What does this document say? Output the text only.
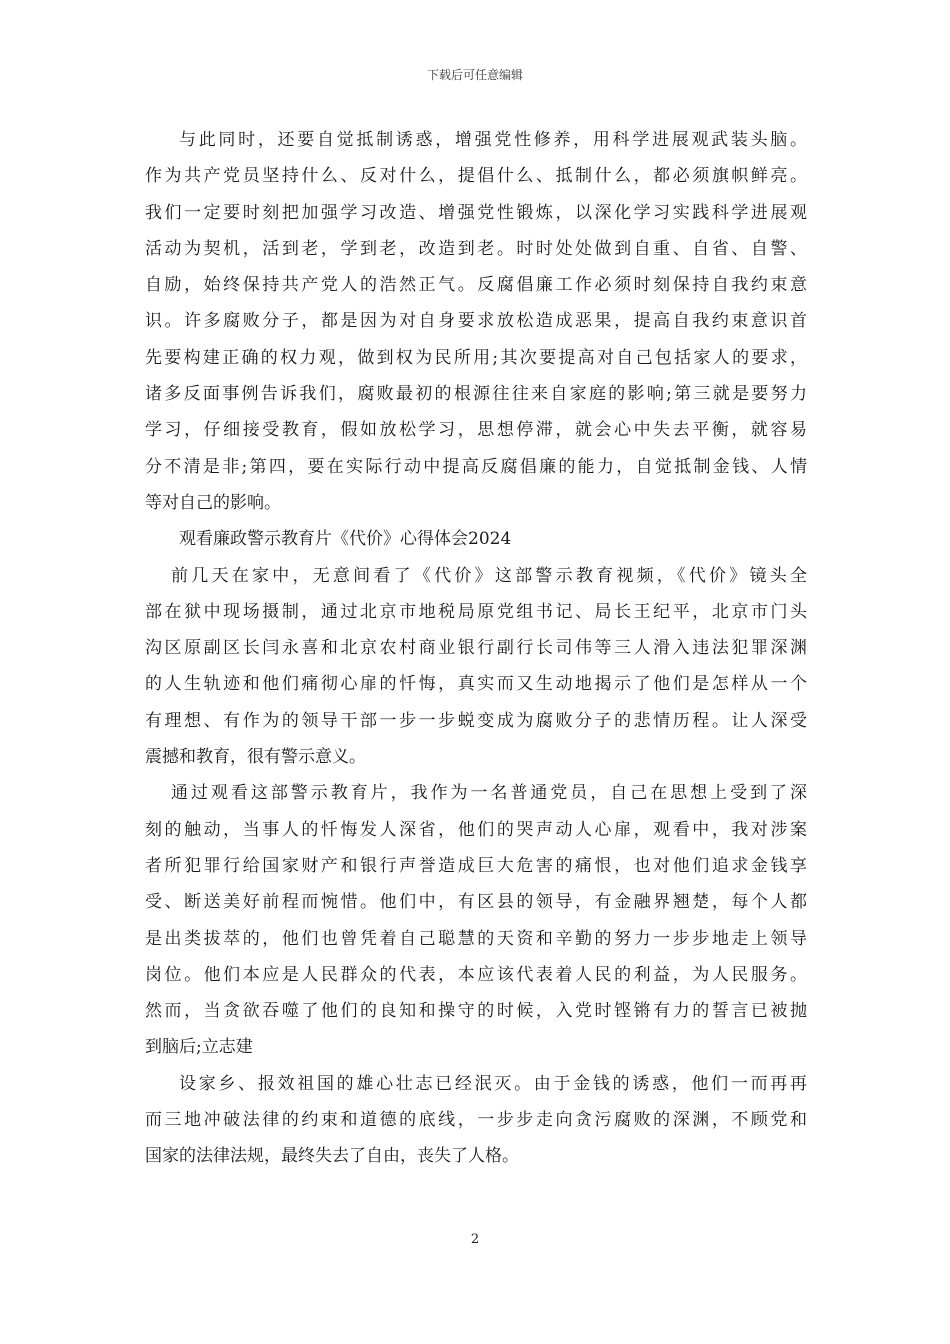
下载后可任意编辑
与此同时，还要自觉抵制诱惑，增强党性修养，用科学进展观武装头脑。
作为共产党员坚持什么、反对什么，提倡什么、抵制什么，都必须旗帜鲜亮。
我们一定要时刻把加强学习改造、增强党性锻炼，以深化学习实践科学进展观
活动为契机，活到老，学到老，改造到老。时时处处做到自重、自省、自警、
自励，始终保持共产党人的浩然正气。反腐倡廉工作必须时刻保持自我约束意
识。许多腐败分子，都是因为对自身要求放松造成恶果，提高自我约束意识首
先要构建正确的权力观，做到权为民所用;其次要提高对自己包括家人的要求，
诸多反面事例告诉我们，腐败最初的根源往往来自家庭的影响;第三就是要努力
学习，仔细接受教育，假如放松学习，思想停滞，就会心中失去平衡，就容易
分不清是非;第四，要在实际行动中提高反腐倡廉的能力，自觉抵制金钱、人情
等对自己的影响。
观看廉政警示教育片《代价》心得体会2024
前几天在家中，无意间看了《代价》这部警示教育视频，《代价》镜头全
部在狱中现场摄制，通过北京市地税局原党组书记、局长王纪平，北京市门头
沟区原副区长闫永喜和北京农村商业银行副行长司伟等三人滑入违法犯罪深渊
的人生轨迹和他们痛彻心扉的忏悔，真实而又生动地揭示了他们是怎样从一个
有理想、有作为的领导干部一步一步蜕变成为腐败分子的悲情历程。让人深受
震撼和教育，很有警示意义。
通过观看这部警示教育片，我作为一名普通党员，自己在思想上受到了深
刻的触动，当事人的忏悔发人深省，他们的哭声动人心扉，观看中，我对涉案
者所犯罪行给国家财产和银行声誉造成巨大危害的痛恨，也对他们追求金钱享
受、断送美好前程而惋惜。他们中，有区县的领导，有金融界翘楚，每个人都
是出类拔萃的，他们也曾凭着自己聪慧的天资和辛勤的努力一步步地走上领导
岗位。他们本应是人民群众的代表，本应该代表着人民的利益，为人民服务。
然而，当贪欲吞噬了他们的良知和操守的时候，入党时铿锵有力的誓言已被抛
到脑后;立志建
设家乡、报效祖国的雄心壮志已经泯灭。由于金钱的诱惑，他们一而再再
而三地冲破法律的约束和道德的底线，一步步走向贪污腐败的深渊，不顾党和
国家的法律法规，最终失去了自由，丧失了人格。
2
